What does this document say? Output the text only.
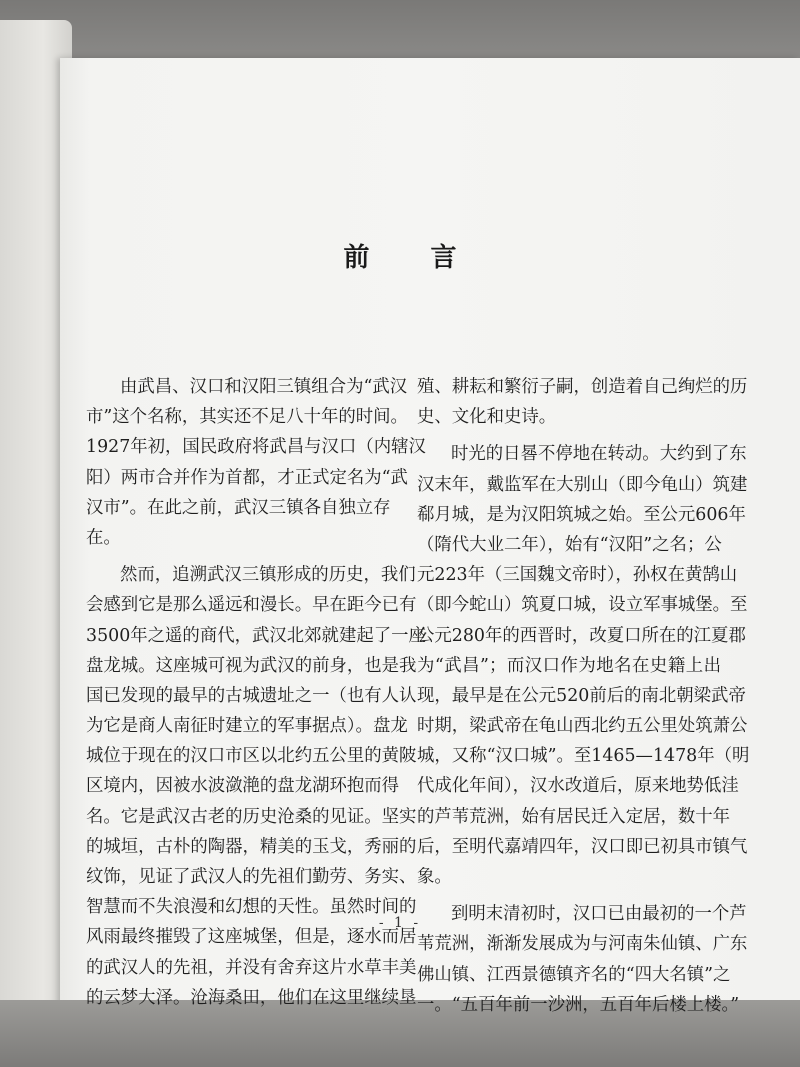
前 言
由武昌、汉口和汉阳三镇组合为“武汉
市”这个名称，其实还不足八十年的时间。
1927年初，国民政府将武昌与汉口（内辖汉
阳）两市合并作为首都，才正式定名为“武
汉市”。在此之前，武汉三镇各自独立存
在。
然而，追溯武汉三镇形成的历史，我们
会感到它是那么遥远和漫长。早在距今已有
3500年之遥的商代，武汉北郊就建起了一座
盘龙城。这座城可视为武汉的前身，也是我
国已发现的最早的古城遗址之一（也有人认
为它是商人南征时建立的军事据点）。盘龙
城位于现在的汉口市区以北约五公里的黄陂
区境内，因被水波潋滟的盘龙湖环抱而得
名。它是武汉古老的历史沧桑的见证。坚实
的城垣，古朴的陶器，精美的玉戈，秀丽的
纹饰，见证了武汉人的先祖们勤劳、务实、
智慧而不失浪漫和幻想的天性。虽然时间的
风雨最终摧毁了这座城堡，但是，逐水而居
的武汉人的先祖，并没有舍弃这片水草丰美
的云梦大泽。沧海桑田，他们在这里继续垦
殖、耕耘和繁衍子嗣，创造着自己绚烂的历
史、文化和史诗。
时光的日晷不停地在转动。大约到了东
汉末年，戴监军在大别山（即今龟山）筑建
郗月城，是为汉阳筑城之始。至公元606年
（隋代大业二年），始有“汉阳”之名；公
元223年（三国魏文帝时），孙权在黄鹄山
（即今蛇山）筑夏口城，设立军事城堡。至
公元280年的西晋时，改夏口所在的江夏郡
为“武昌”；而汉口作为地名在史籍上出
现，最早是在公元520前后的南北朝梁武帝
时期，梁武帝在龟山西北约五公里处筑萧公
城，又称“汉口城”。至1465—1478年（明
代成化年间），汉水改道后，原来地势低洼
的芦苇荒洲，始有居民迁入定居，数十年
后，至明代嘉靖四年，汉口即已初具市镇气
象。
到明末清初时，汉口已由最初的一个芦
苇荒洲，渐渐发展成为与河南朱仙镇、广东
佛山镇、江西景德镇齐名的“四大名镇”之
一。“五百年前一沙洲，五百年后楼上楼。”
- 1 -
